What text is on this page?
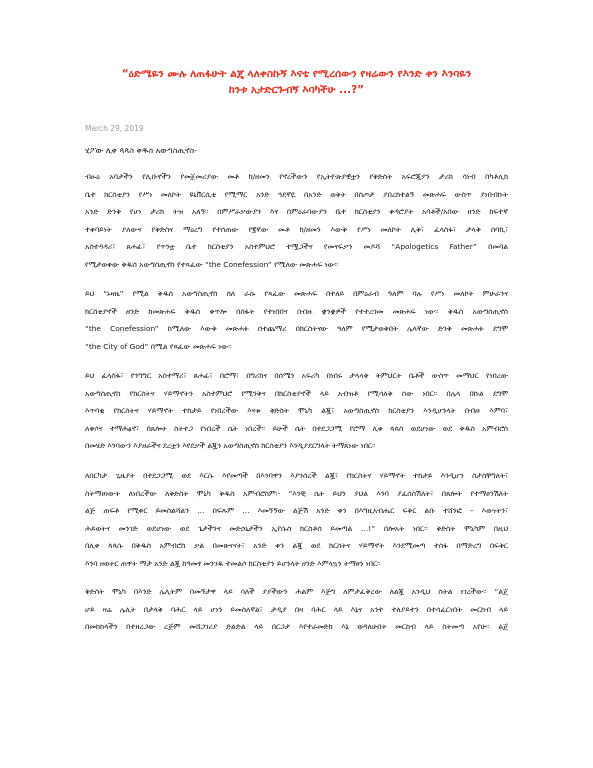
“ዕድሜዬን ሙሉ ለጠፋሁት ልጄ ላለቀስኩኝ እናቴ የሚረሰውን የዛሬውን የእንድ ቀን እንባዬን
ከንቱ አታድርጉብኝ እባካችሁ ...?”
March 29, 2019
ሂፖው ሊቀ ጳጳስ ቅዱስ አውግስጢኖስ-
ብፁዕ አባታችን የሊቡኖችን የመጀመሪያው መቶ ክ/ዘመን የኖረችውን የኢትዮጵያዊቷን የቅድስት አፍሮጂያን ታሪክ ሳነብ በካቶሊክ
ቤተ ክርስቲያን የሥነ መለኮት ዩኒቨርሲቲ የሚማር አንድ ጓደኛዬ በአንድ ወቅት በስጦታ ያበረከተልኝ መጽሐፍ ውስጥ ያነበብኩት
አንድ ድንቅ የሆነ ታሪክ ትዝ አለኝ፡፡ በምሥራቃውያን እና በምዕራባውያን ቤተ ክርስቲያን ቀዳሮያት አባቶች/አበው ዘንድ ከፍተኛ
ተቀባይነት ያለውና የቅድስና ማዕረግ የተሰጠው የ፪ኛው መቶ ክ/ዘመን እውቅ የሥነ መለኮት ሊቅ፣ ፈላስፋ፣ ታላቅ ሰባኪ፣
አስተዳዳሪ፣ ጸሐፊ፣ የጥንቷ ቤተ ክርስቲያን አስተምህሮ ተሟጋችና የመናፍቃን መዶሻ “Apologetics Father” በመባል
የሚታወቀው ቅዱስ አውግስጢኖስ የተጻፈው “the Conefession” የሚለው መጽሐፍ ነው፡፡
ይህ “ኑዛዜ” የሚል ቅዱስ አውግስጢኖስ ስለ ራሱ የጻፈው መጽሐፍ በተለይ በምዕራብ ዓለም ባሉ የሥነ መለኮት ምሁራንና
ክርስቲያኖች ዘንድ ከመጽሐፍ ቅዱስ ቀጥሎ በስፋት የተነበበና በብዙ ቋንቋዎች የተተረጎመ መጽሐፍ ነው፡፡ ቅዱስ አውግስጢኖስ
“the Conefession” ከሚለው እውቅ መጽሐፉ በተጨማሪ በክርስትናው ዓለም የሚታወቅበት ሌላኛው ድንቅ መጽሐፉ ደግሞ
“the City of God” በሚል የጻፈው መጽሐፍ ነው፡፡
ይህ ፈላስፋ፣ የንግግር አስተማሪ፣ ጸሐፊ፣ በሮማ፣ በግሪክና በሰሜን አፍሪካ በነበሩ ታላላቅ ትምህርት ቤቶች ውስጥ መማህር የነበረው
አውግስጢኖስ የክርስትና ሃይማኖትን አስተምህሮ የሚንቅና በክርስቲያኖች ላይ አብዝቶ የሚሳለቅ ሰው ነበር፡፡ በሌላ በኩል ደግሞ
እጥባቂ የክርስትና ሃይማኖት ተከታይ የነበረችው እናቱ ቅድስት ሞኒካ ልጇ፣ አውግስጢኖስ ክርስቲያን እንዲሆንላት በብዙ እምባ፣
ለቅሶና ተማሕፅኖ፣ በጸሎት ስትተጋ የነበረች ሴት ነበረች፡፡ ይሁች ሴት በተደጋጋሚ የሮማ ሊቀ ጳጳስ ወደሆነው ወደ ቅዱስ አምብሮስ
በመሄድ እንባውን እያዘራችና ደረቷን እየደቃች ልጇን አውግስጢኖስ ክርስቲያን እንዲያደርግላት ትማጸነው ነበር፡፡
ለበርካታ ጊዜያት በተደጋጋሚ ወደ እርሱ እየመጣች በእንባዋን እያንሰረች ልጇ፣ የክርስትና ሃይማኖት ተከታይ እንዲሆን ስታስቸግለት፣
ስትማፀነውት ለነበረችው ለቅድስት ሞኒካ ቅዱስ አምብሮስም፡- “እንቺ ሴት ይህን ያህል እንባ ያፈሰስሽለት፣ በጸሎት የተማፀንሽለት
ልጅ ጠፍቶ የሚቀር ይመስልሻልን … በፍጹም … እመኝኝው ልጅሽ አንድ ቀን በእግዚአብሔር ፍቅር ልቡ ተሸንፎ – እውነትን፣
ሕይወትና መንገድ ወደሆነው ወደ ጌታችንና መድኃኒታችን ኢየሱስ ክርስቶስ ይመጣል …!” በሎአት ነበር፡፡ ቅድስት ሞኒካም በዚህ
በሊቀ ጳጳሱ በቅዱስ አምብሮስ ቃል በመጽናናት፣ አንድ ቀን ልጇ ወደ ክርስትና ሃይማኖት እንደሚመጣ ተስፋ በማድረግ በፍቅር
እንባ ዘወትር ጠዋት ማታ አንድ ልጇ ከዓመፃ መንገዱ ተመልሶ ክርስቲያን ይሆንላት ዘንድ እምላኳን ትማፀን ነበር፡፡
ቅድስት ሞኒካ በእንድ ሌሊትም በመኝታዋ ላይ ሳለች ያያችውን ሕልም እጅግ ለምታፈቅረው ለልጇ አንዲህ ስትል ነገረችው፡፡ “ልጄ
ሆይ ዛሬ ሌሊት በታላቅ ባሕር ላይ ሆነን ይመስለኛል፣ ታዲያ በዛ ባሕር ላይ እኔና አንተ ተለያይተን በተሳፈርነበት መርከብ ላይ
በመከከላችን በተዘረጋው ረጅም መሸጋገሪያ ድልድል ላይ በርጋታ እየተራመድክ እኔ ወዳለሁበት መርከብ ላይ ስትመጣ አየሁ፡፡ ልጄ
